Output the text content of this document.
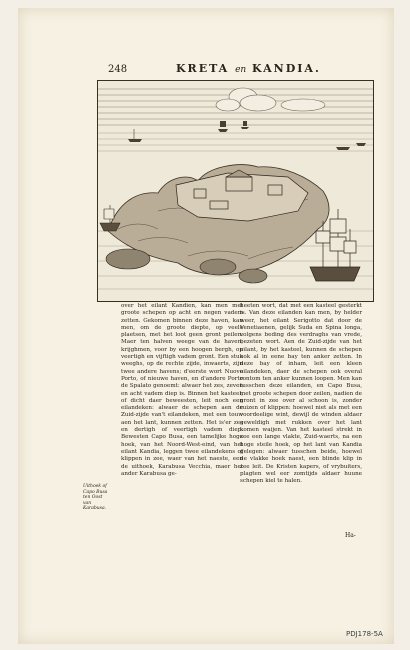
248	KRETA en KANDIA.

over het eilant Kandien, kan men met groote schepen op acht en negen vadem zetten. Gekomen binnen deze haven, kan men, om de groote diepte, op veele plaetsen, met het loot geen gront peilen. Maer ten halven weege van de haven, krijghmen, voor by een hoogen bergh, op veertigh en vijftigh vadem gront. Een stuk weeghs, op de rechte zijde, inwaerts, zijn twee andere havens; d'eerste wort Nuovo Porto, of nieuwe haven, en d'andere Porto de Spalato genoemt: alwaer het zes, zeven en acht vadem diep is. Binnen het kasteel, of dicht daer beweesten, leit noch een eilandeken: alwaer de schepen aen de Zuid-zijde van't eilandeken, met een touw aen het lant, kunnen zetten. Het is'er zes en dertigh of veertigh vadem diep. Bewesten Capo Busa, een tamelijke hoge hoek, van het Noord-West-eind, van het eilant Kandia, leggen twee eilandekens of klippen in zee, waer van het naeste, een de uithoek, Karabusa Vecchia, maer het ander Karabusa ge-

heeten wort, dat met een kasteel gesterkt is. Van deze eilanden kan men, by helder weer, het eilant Serigotto dat door de Venetiaenen, gelijk Suda en Spina longa, volgens beding des verdraghs van vrede, bezeten wort. Aen de Zuid-zijde van het eilant, by het kasteel, kunnen de schepen ook al in eene bay ten anker zetten. In deze bay of inham, leit een kleen eilandeken, daer de schepen ook overal rontom ten anker kunnen loopen. Men kan tusschen deze eilanden, en Capo Busa, met groote schepen door zeilen, nadien de gront in zee over al schoon is, zonder ruizen of klippen: hoewel niet als met een voordeelige wint, dewijl de winden aldaer geweldigh met rukken over het lant komen waijen. Van het kasteel strekt in zee een lange vlakte, Zuid-waerts, na een hoge steile hoek, op het lant van Kandia gelegen: alwaer tusschen beide, hoewel de vlakke hoek naest, een blinde klip in zee leit. De Kristen kapers, of vrybuiters, plagten wel eer zomtijds aldaer huune schepen kiel te halen.

Uithoek of Capo Busa ten Oost van Karabusa.
Ha-
PDJ178-5A
